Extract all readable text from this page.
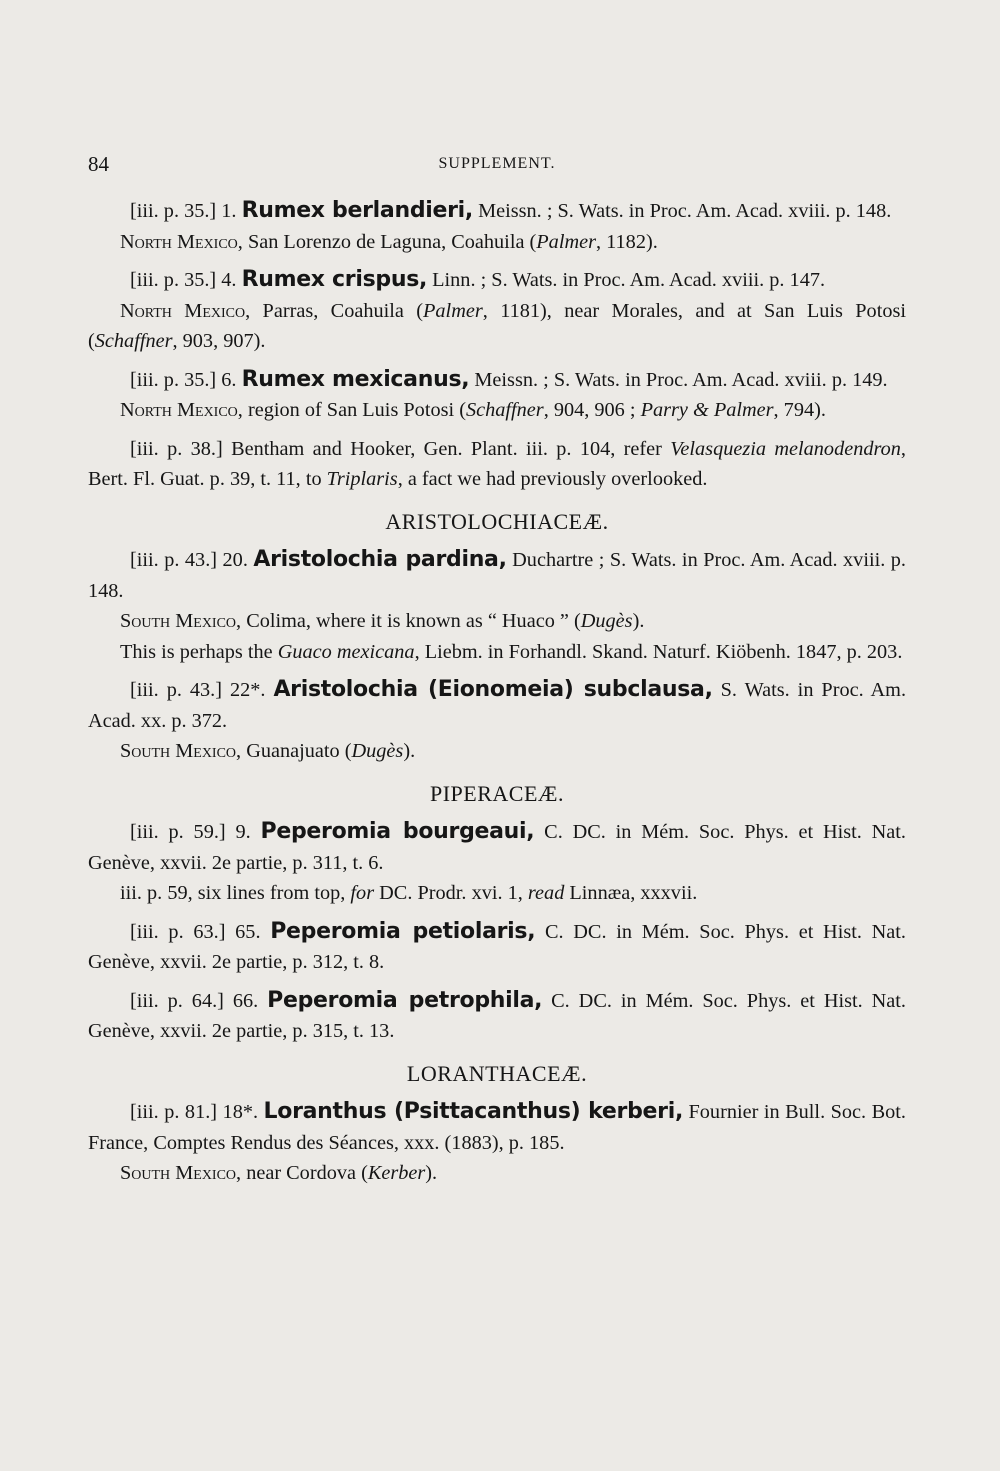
84	SUPPLEMENT.

[iii. p. 35.] 1. Rumex berlandieri, Meissn. ; S. Wats. in Proc. Am. Acad. xviii. p. 148.

North Mexico, San Lorenzo de Laguna, Coahuila (Palmer, 1182).

[iii. p. 35.] 4. Rumex crispus, Linn. ; S. Wats. in Proc. Am. Acad. xviii. p. 147.

North Mexico, Parras, Coahuila (Palmer, 1181), near Morales, and at San Luis Potosi (Schaffner, 903, 907).

[iii. p. 35.] 6. Rumex mexicanus, Meissn. ; S. Wats. in Proc. Am. Acad. xviii. p. 149.

North Mexico, region of San Luis Potosi (Schaffner, 904, 906 ; Parry & Palmer, 794).

[iii. p. 38.] Bentham and Hooker, Gen. Plant. iii. p. 104, refer Velasquezia melanodendron, Bert. Fl. Guat. p. 39, t. 11, to Triplaris, a fact we had previously overlooked.

ARISTOLOCHIACEÆ.

[iii. p. 43.] 20. Aristolochia pardina, Duchartre ; S. Wats. in Proc. Am. Acad. xviii. p. 148.

South Mexico, Colima, where it is known as “ Huaco ” (Dugès).

This is perhaps the Guaco mexicana, Liebm. in Forhandl. Skand. Naturf. Kiöbenh. 1847, p. 203.

[iii. p. 43.] 22*. Aristolochia (Eionomeia) subclausa, S. Wats. in Proc. Am. Acad. xx. p. 372.

South Mexico, Guanajuato (Dugès).

PIPERACEÆ.

[iii. p. 59.] 9. Peperomia bourgeaui, C. DC. in Mém. Soc. Phys. et Hist. Nat. Genève, xxvii. 2e partie, p. 311, t. 6.

iii. p. 59, six lines from top, for DC. Prodr. xvi. 1, read Linnæa, xxxvii.

[iii. p. 63.] 65. Peperomia petiolaris, C. DC. in Mém. Soc. Phys. et Hist. Nat. Genève, xxvii. 2e partie, p. 312, t. 8.

[iii. p. 64.] 66. Peperomia petrophila, C. DC. in Mém. Soc. Phys. et Hist. Nat. Genève, xxvii. 2e partie, p. 315, t. 13.

LORANTHACEÆ.

[iii. p. 81.] 18*. Loranthus (Psittacanthus) kerberi, Fournier in Bull. Soc. Bot. France, Comptes Rendus des Séances, xxx. (1883), p. 185.

South Mexico, near Cordova (Kerber).
